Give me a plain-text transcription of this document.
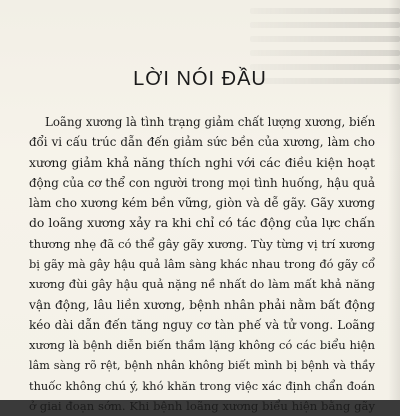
LỜI NÓI ĐẦU
Loãng xương là tình trạng giảm chất lượng xương, biến
đổi vi cấu trúc dẫn đến giảm sức bền của xương, làm cho
xương giảm khả năng thích nghi với các điều kiện hoạt
động của cơ thể con người trong mọi tình huống, hậu quả
làm cho xương kém bền vững, giòn và dễ gãy. Gãy xương
do loãng xương xảy ra khi chỉ có tác động của lực chấn
thương nhẹ đã có thể gây gãy xương. Tùy từng vị trí xương
bị gãy mà gây hậu quả lâm sàng khác nhau trong đó gãy cổ
xương đùi gây hậu quả nặng nề nhất do làm mất khả năng
vận động, lâu liền xương, bệnh nhân phải nằm bất động
kéo dài dẫn đến tăng nguy cơ tàn phế và tử vong. Loãng
xương là bệnh diễn biến thầm lặng không có các biểu hiện
lâm sàng rõ rệt, bệnh nhân không biết mình bị bệnh và thầy
thuốc không chú ý, khó khăn trong việc xác định chẩn đoán
ở giai đoạn sớm. Khi bệnh loãng xương biểu hiện bằng gãy
